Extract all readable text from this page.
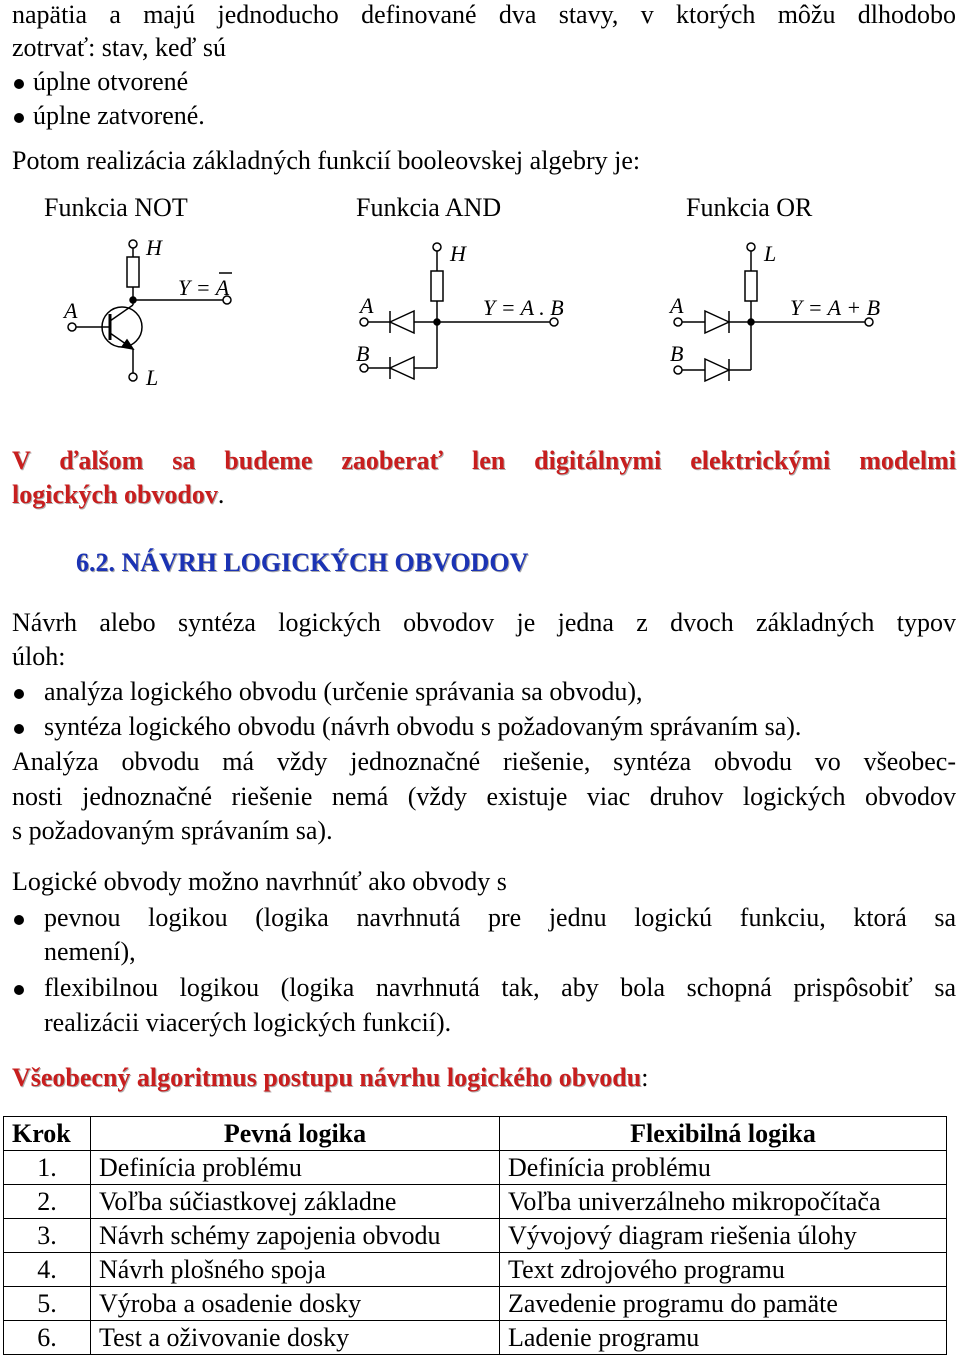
napätia a majú jednoducho definované dva stavy, v ktorých môžu dlhodobo
zotrvať: stav, keď sú
úplne otvorené
úplne zatvorené.
Potom realizácia základných funkcií booleovskej algebry je:
Funkcia NOT	Funkcia AND	Funkcia OR
H
L
A
Y = A
H
A
B
Y = A . B
L
A
B
Y = A + B
V ďalšom sa budeme zaoberať len digitálnymi elektrickými modelmi
logických obvodov.
6.2. NÁVRH LOGICKÝCH OBVODOV
Návrh alebo syntéza logických obvodov je jedna z dvoch základných typov
úloh:
analýza logického obvodu (určenie správania sa obvodu),
syntéza logického obvodu (návrh obvodu s požadovaným správaním sa).
Analýza obvodu má vždy jednoznačné riešenie, syntéza obvodu vo všeobec-
nosti jednoznačné riešenie nemá (vždy existuje viac druhov logických obvodov
s požadovaným správaním sa).
Logické obvody možno navrhnúť ako obvody s
pevnou logikou (logika navrhnutá pre jednu logickú funkciu, ktorá sa
nemení),
flexibilnou logikou (logika navrhnutá tak, aby bola schopná prispôsobiť sa
realizácii viacerých logických funkcií).
Všeobecný algoritmus postupu návrhu logického obvodu:
Krok	Pevná logika	Flexibilná logika
1.	Definícia problému	Definícia problému
2.	Voľba súčiastkovej základne	Voľba univerzálneho mikropočítača
3.	Návrh schémy zapojenia obvodu	Vývojový diagram riešenia úlohy
4.	Návrh plošného spoja	Text zdrojového programu
5.	Výroba a osadenie dosky	Zavedenie programu do pamäte
6.	Test a oživovanie dosky	Ladenie programu
